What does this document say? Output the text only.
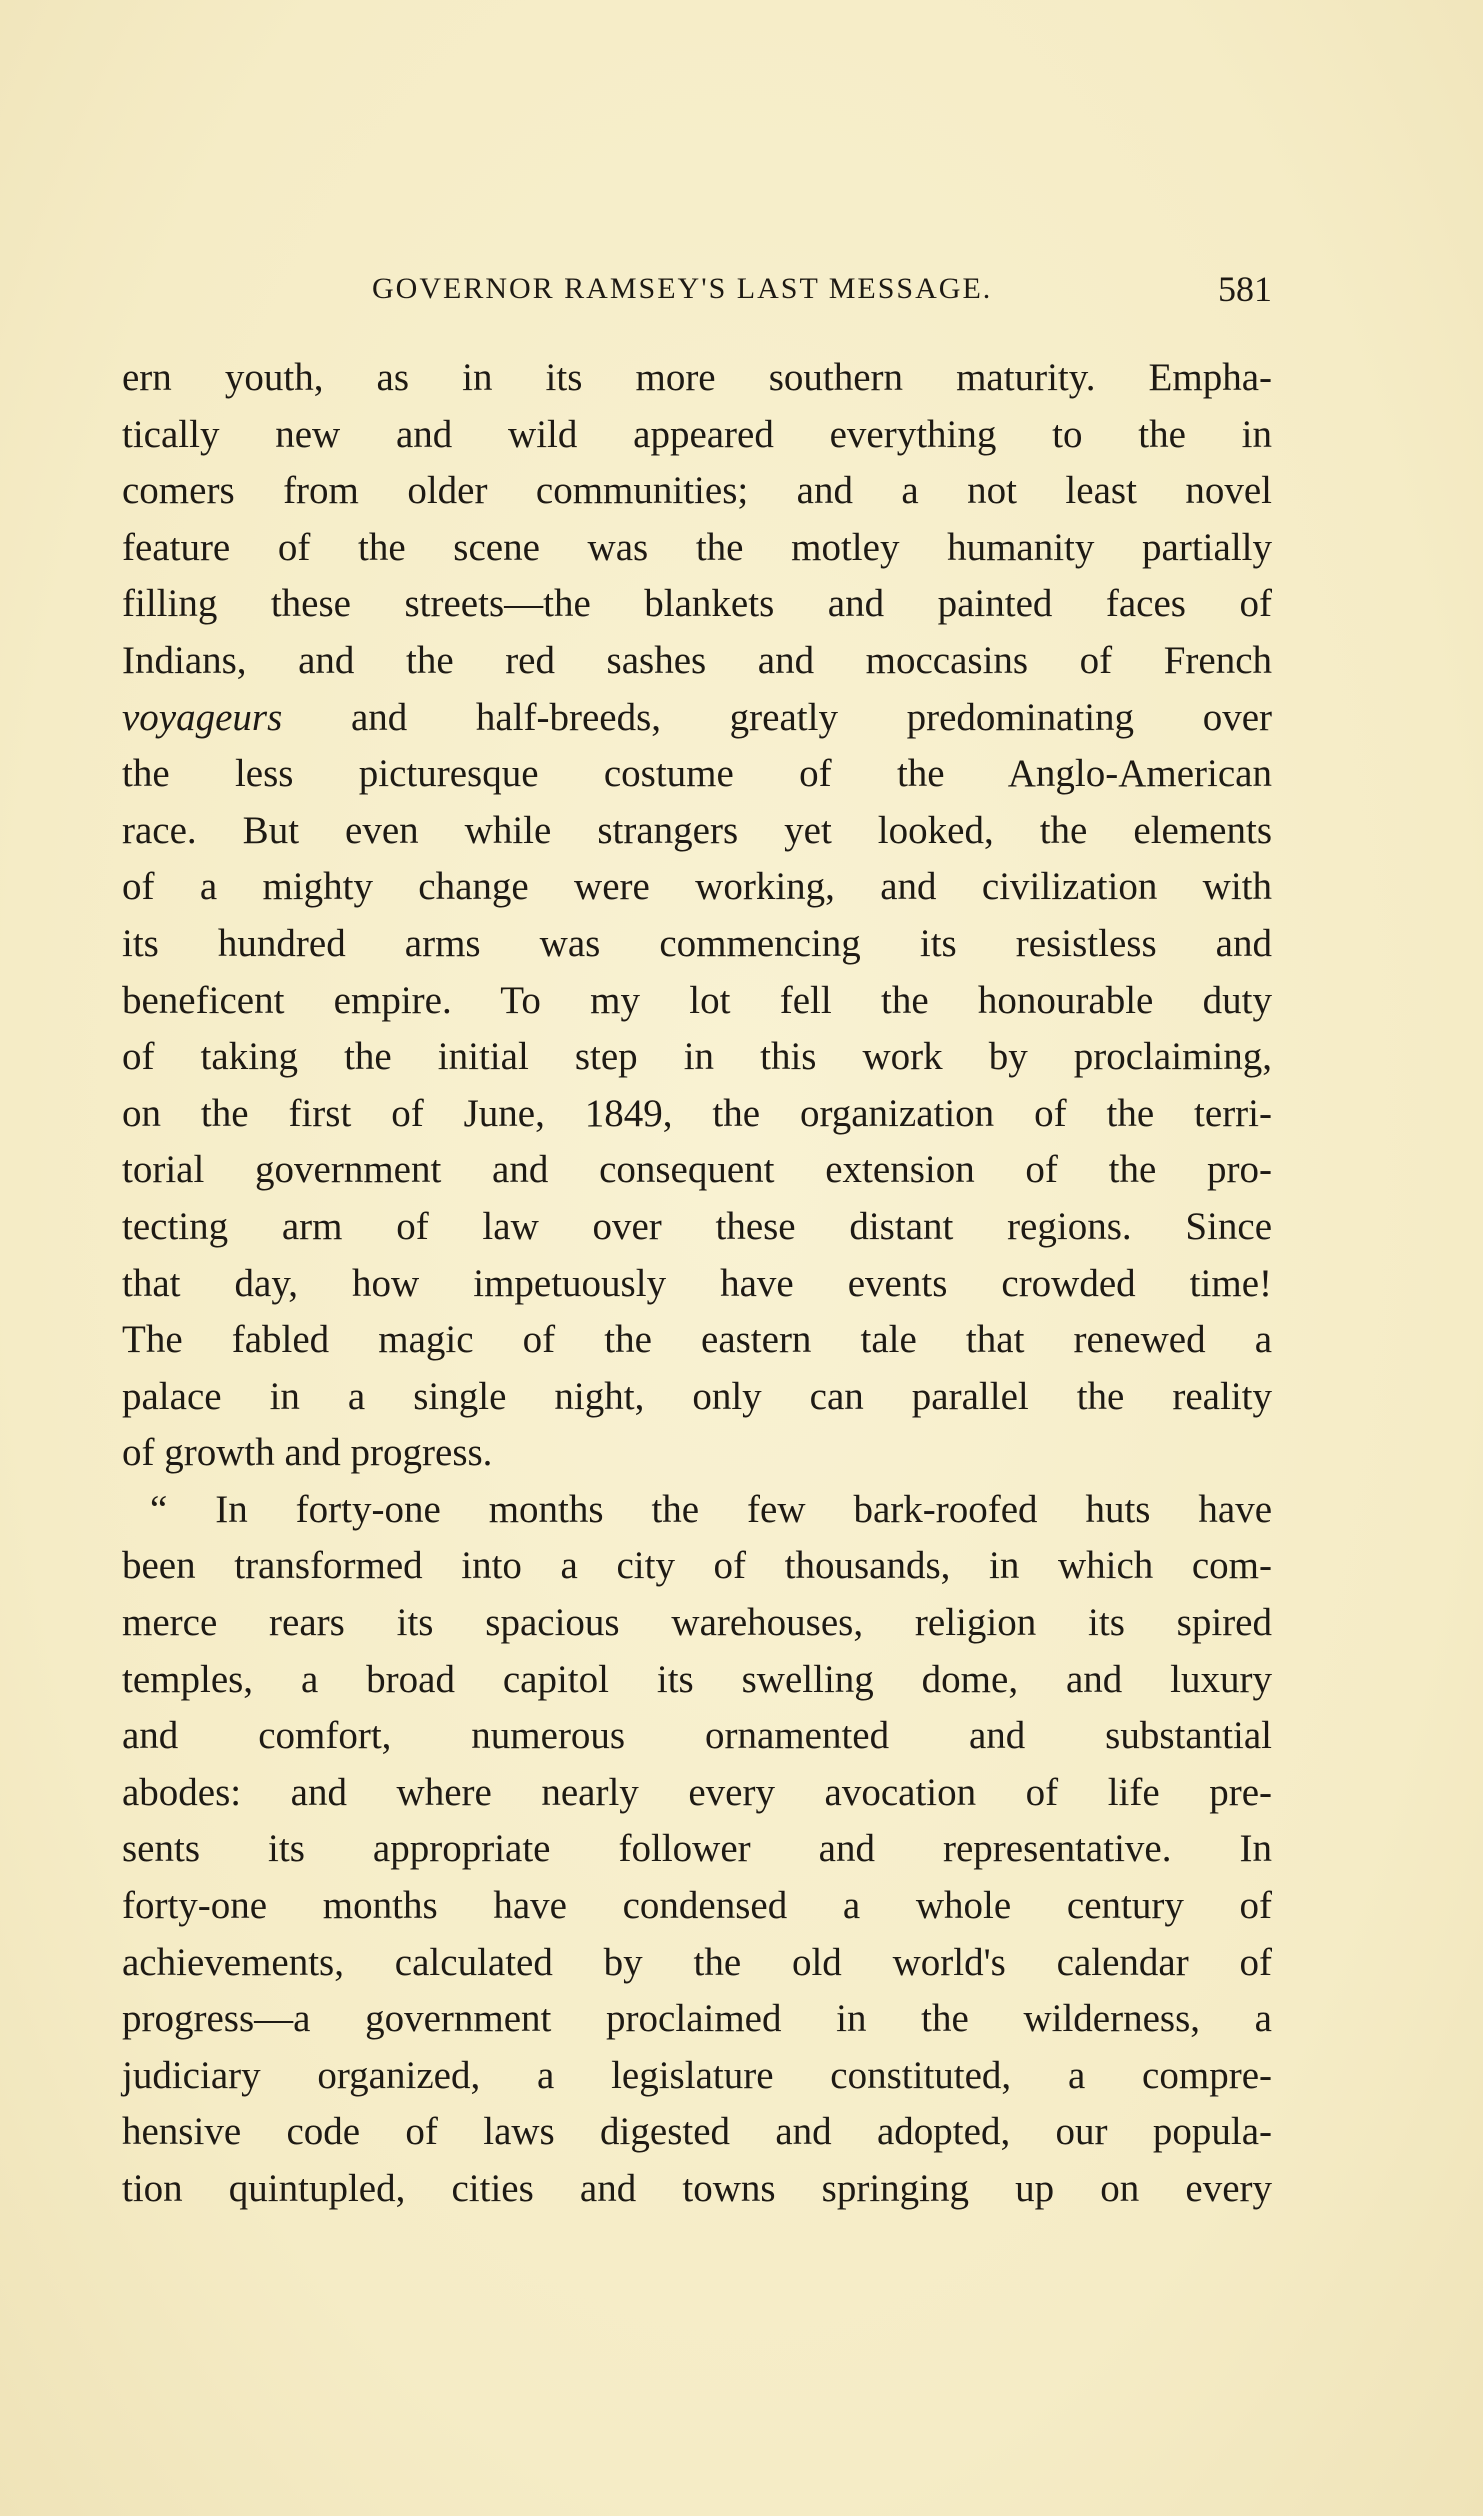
GOVERNOR RAMSEY'S LAST MESSAGE.	581
ern youth, as in its more southern maturity. Empha-
tically new and wild appeared everything to the in
comers from older communities; and a not least novel
feature of the scene was the motley humanity partially
filling these streets—the blankets and painted faces of
Indians, and the red sashes and moccasins of French
voyageurs and half-breeds, greatly predominating over
the less picturesque costume of the Anglo-American
race. But even while strangers yet looked, the elements
of a mighty change were working, and civilization with
its hundred arms was commencing its resistless and
beneficent empire. To my lot fell the honourable duty
of taking the initial step in this work by proclaiming,
on the first of June, 1849, the organization of the terri-
torial government and consequent extension of the pro-
tecting arm of law over these distant regions. Since
that day, how impetuously have events crowded time!
The fabled magic of the eastern tale that renewed a
palace in a single night, only can parallel the reality
of growth and progress.
“ In forty-one months the few bark-roofed huts have
been transformed into a city of thousands, in which com-
merce rears its spacious warehouses, religion its spired
temples, a broad capitol its swelling dome, and luxury
and comfort, numerous ornamented and substantial
abodes: and where nearly every avocation of life pre-
sents its appropriate follower and representative. In
forty-one months have condensed a whole century of
achievements, calculated by the old world's calendar of
progress—a government proclaimed in the wilderness, a
judiciary organized, a legislature constituted, a compre-
hensive code of laws digested and adopted, our popula-
tion quintupled, cities and towns springing up on every
